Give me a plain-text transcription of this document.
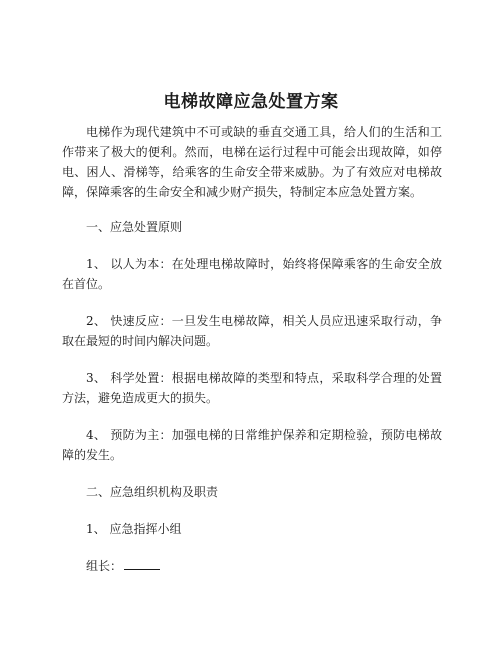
电梯故障应急处置方案

电梯作为现代建筑中不可或缺的垂直交通工具，给人们的生活和工作带来了极大的便利。然而，电梯在运行过程中可能会出现故障，如停电、困人、滑梯等，给乘客的生命安全带来威胁。为了有效应对电梯故障，保障乘客的生命安全和减少财产损失，特制定本应急处置方案。

一、应急处置原则

1、 以人为本：在处理电梯故障时，始终将保障乘客的生命安全放在首位。

2、 快速反应：一旦发生电梯故障，相关人员应迅速采取行动，争取在最短的时间内解决问题。

3、 科学处置：根据电梯故障的类型和特点，采取科学合理的处置方法，避免造成更大的损失。

4、 预防为主：加强电梯的日常维护保养和定期检验，预防电梯故障的发生。

二、应急组织机构及职责

1、 应急指挥小组

组长：
